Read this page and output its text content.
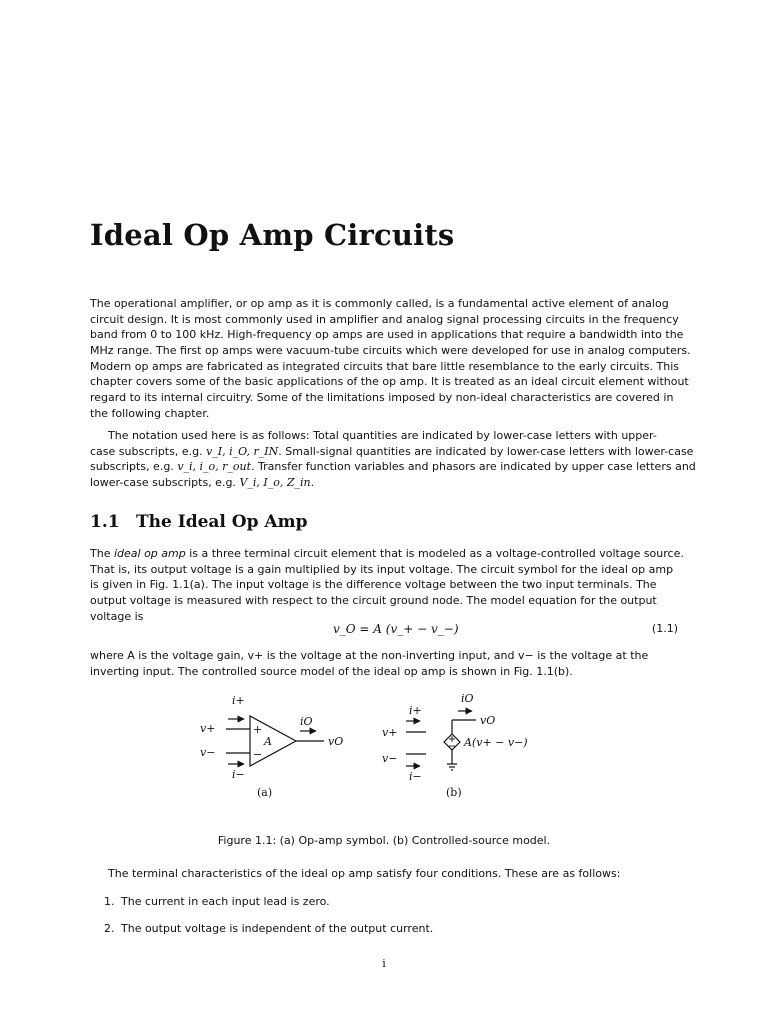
Ideal Op Amp Circuits
The operational amplifier, or op amp as it is commonly called, is a fundamental active element of analog
circuit design. It is most commonly used in amplifier and analog signal processing circuits in the frequency
band from 0 to 100 kHz. High-frequency op amps are used in applications that require a bandwidth into the
MHz range. The first op amps were vacuum-tube circuits which were developed for use in analog computers.
Modern op amps are fabricated as integrated circuits that bare little resemblance to the early circuits. This
chapter covers some of the basic applications of the op amp. It is treated as an ideal circuit element without
regard to its internal circuitry. Some of the limitations imposed by non-ideal characteristics are covered in
the following chapter.
The notation used here is as follows: Total quantities are indicated by lower-case letters with upper-
case subscripts, e.g. v_I, i_O, r_IN. Small-signal quantities are indicated by lower-case letters with lower-case
subscripts, e.g. v_i, i_o, r_out. Transfer function variables and phasors are indicated by upper case letters and
lower-case subscripts, e.g. V_i, I_o, Z_in.
1.1 The Ideal Op Amp
The ideal op amp is a three terminal circuit element that is modeled as a voltage-controlled voltage source.
That is, its output voltage is a gain multiplied by its input voltage. The circuit symbol for the ideal op amp
is given in Fig. 1.1(a). The input voltage is the difference voltage between the two input terminals. The
output voltage is measured with respect to the circuit ground node. The model equation for the output
voltage is
v_O = A (v_+ − v_−)	(1.1)
where A is the voltage gain, v+ is the voltage at the non-inverting input, and v− is the voltage at the
inverting input. The controlled source model of the ideal op amp is shown in Fig. 1.1(b).
i+
v+
v−
i−
+
−
A
iO
vO
(a)
i+
v+
v−
i−
iO
vO
A(v+ − v−)
(b)
Figure 1.1: (a) Op-amp symbol. (b) Controlled-source model.
The terminal characteristics of the ideal op amp satisfy four conditions. These are as follows:
1. The current in each input lead is zero.
2. The output voltage is independent of the output current.
i
